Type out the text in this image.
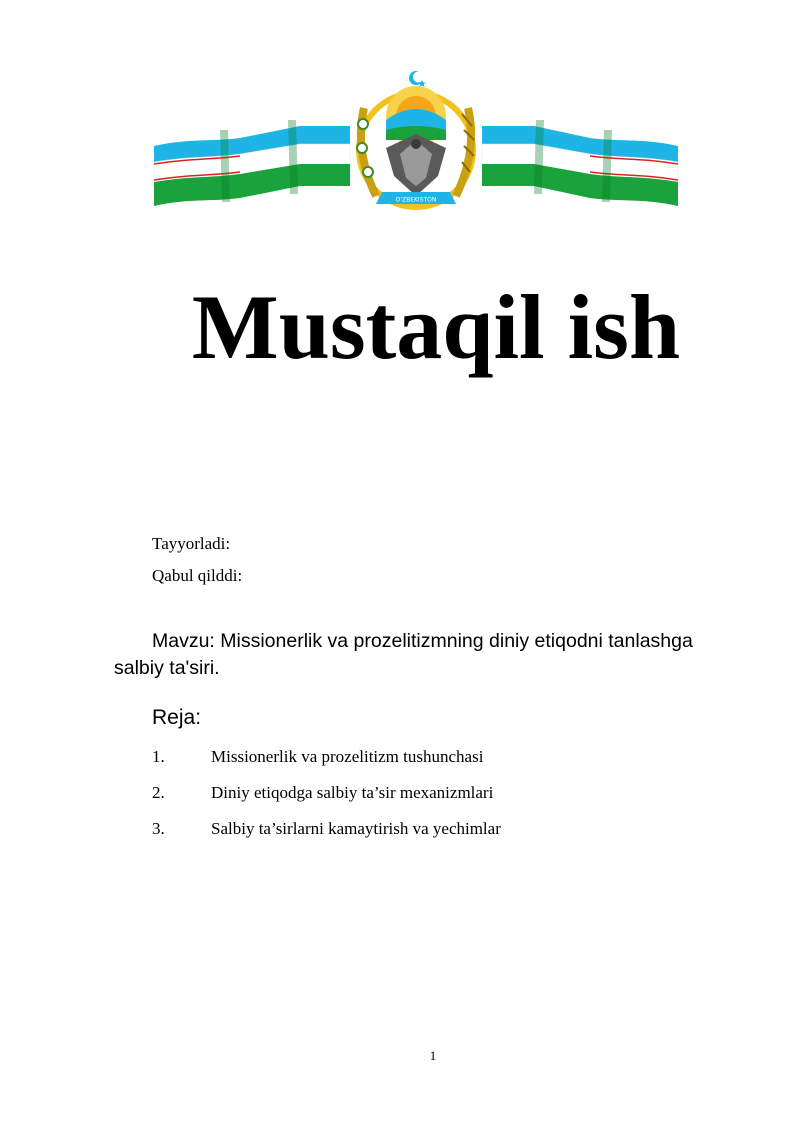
O'ZBEKISTON
Mustaqil ish
Tayyorladi:
Qabul qilddi:
Mavzu: Missionerlik va prozelitizmning diniy etiqodni tanlashga salbiy ta'siri.
Reja:
1.	Missionerlik va prozelitizm tushunchasi
2.	Diniy etiqodga salbiy ta’sir mexanizmlari
3.	Salbiy ta’sirlarni kamaytirish va yechimlar
1
